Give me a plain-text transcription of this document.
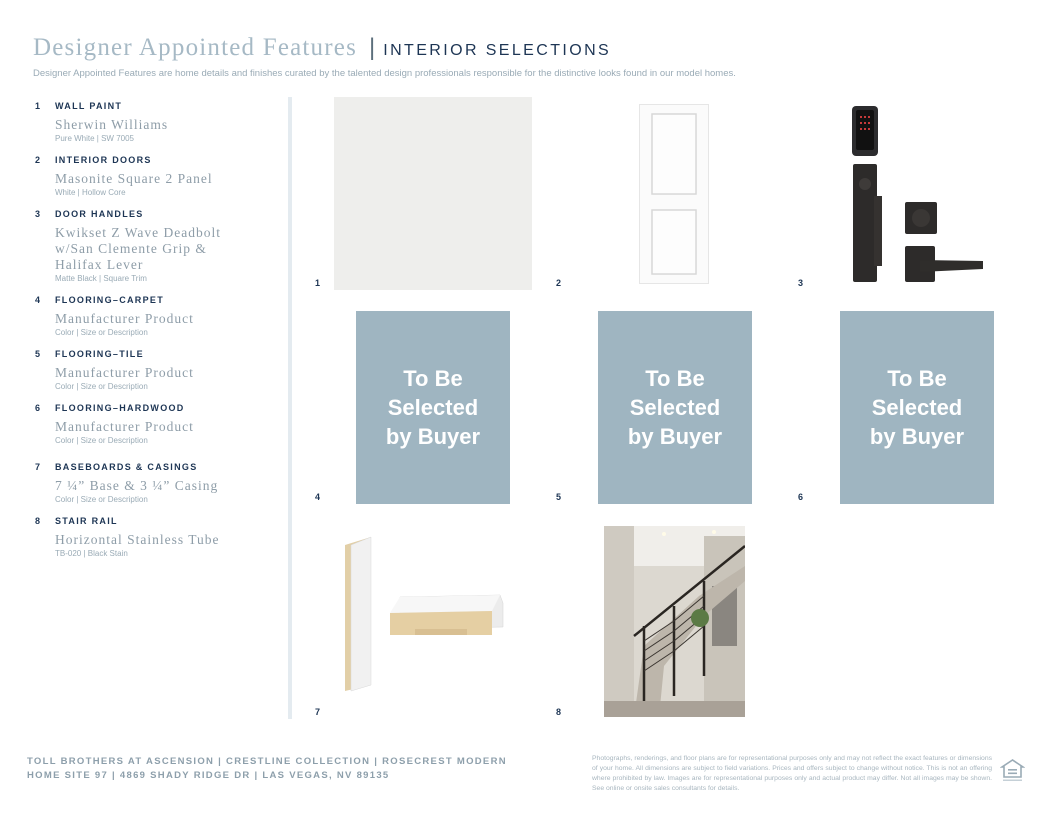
Designer Appointed Features | INTERIOR SELECTIONS
Designer Appointed Features are home details and finishes curated by the talented design professionals responsible for the distinctive looks found in our model homes.
1 WALL PAINT
Sherwin Williams
Pure White | SW 7005
2 INTERIOR DOORS
Masonite Square 2 Panel
White | Hollow Core
3 DOOR HANDLES
Kwikset Z Wave Deadbolt w/San Clemente Grip & Halifax Lever
Matte Black | Square Trim
4 FLOORING–CARPET
Manufacturer Product
Color | Size or Description
5 FLOORING–TILE
Manufacturer Product
Color | Size or Description
6 FLOORING–HARDWOOD
Manufacturer Product
Color | Size or Description
7 BASEBOARDS & CASINGS
7 ¼” Base & 3 ¼” Casing
Color | Size or Description
8 STAIR RAIL
Horizontal Stainless Tube
TB-020 | Black Stain
1	2	3
To Be
Selected
by Buyer
4
To Be
Selected
by Buyer
5
To Be
Selected
by Buyer
6
7	8
TOLL BROTHERS AT ASCENSION | CRESTLINE COLLECTION | ROSECREST MODERN
HOME SITE 97 | 4869 SHADY RIDGE DR | LAS VEGAS, NV 89135
Photographs, renderings, and floor plans are for representational purposes only and may not reflect the exact features or dimensions of your home. All dimensions are subject to field variations. Prices and offers subject to change without notice. This is not an offering where prohibited by law. Images are for representational purposes only and actual product may differ. Not all images may be shown. See online or onsite sales consultants for details.
